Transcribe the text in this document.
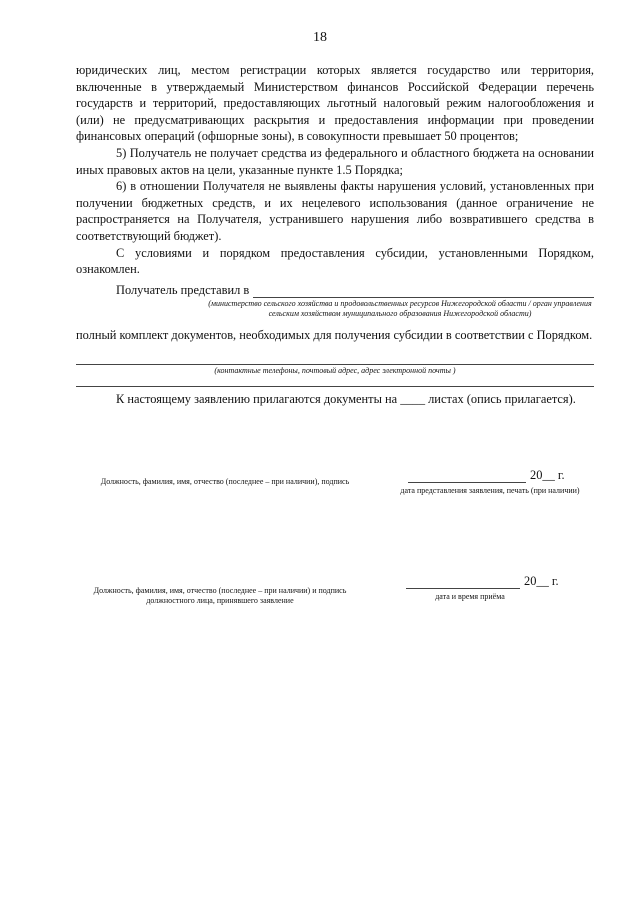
18

юридических лиц, местом регистрации которых является государство или территория, включенные в утверждаемый Министерством финансов Российской Федерации перечень государств и территорий, предоставляющих льготный налоговый режим налогообложения и (или) не предусматривающих раскрытия и предоставления информации при проведении финансовых операций (офшорные зоны), в совокупности превышает 50 процентов;

5) Получатель не получает средства из федерального и областного бюджета на основании иных правовых актов на цели, указанные пункте 1.5 Порядка;

6) в отношении Получателя не выявлены факты нарушения условий, установленных при получении бюджетных средств, и их нецелевого использования (данное ограничение не распространяется на Получателя, устранившего нарушения либо возвратившего средства в соответствующий бюджет).

С условиями и порядком предоставления субсидии, установленными Порядком, ознакомлен.

Получатель представил в
(министерство сельского хозяйства и продовольственных ресурсов Нижегородской области / орган управления сельским хозяйством муниципального образования Нижегородской области)

полный комплект документов, необходимых для получения субсидии в соответствии с Порядком.

(контактные телефоны, почтовый адрес, адрес электронной почты )

К настоящему заявлению прилагаются документы на ____ листах (опись прилагается).

Должность, фамилия, имя, отчество (последнее – при наличии), подпись	20__ г.
дата представления заявления, печать (при наличии)
Должность, фамилия, имя, отчество (последнее – при наличии) и подпись должностного лица, принявшего заявление
20__ г.
дата и время приёма
